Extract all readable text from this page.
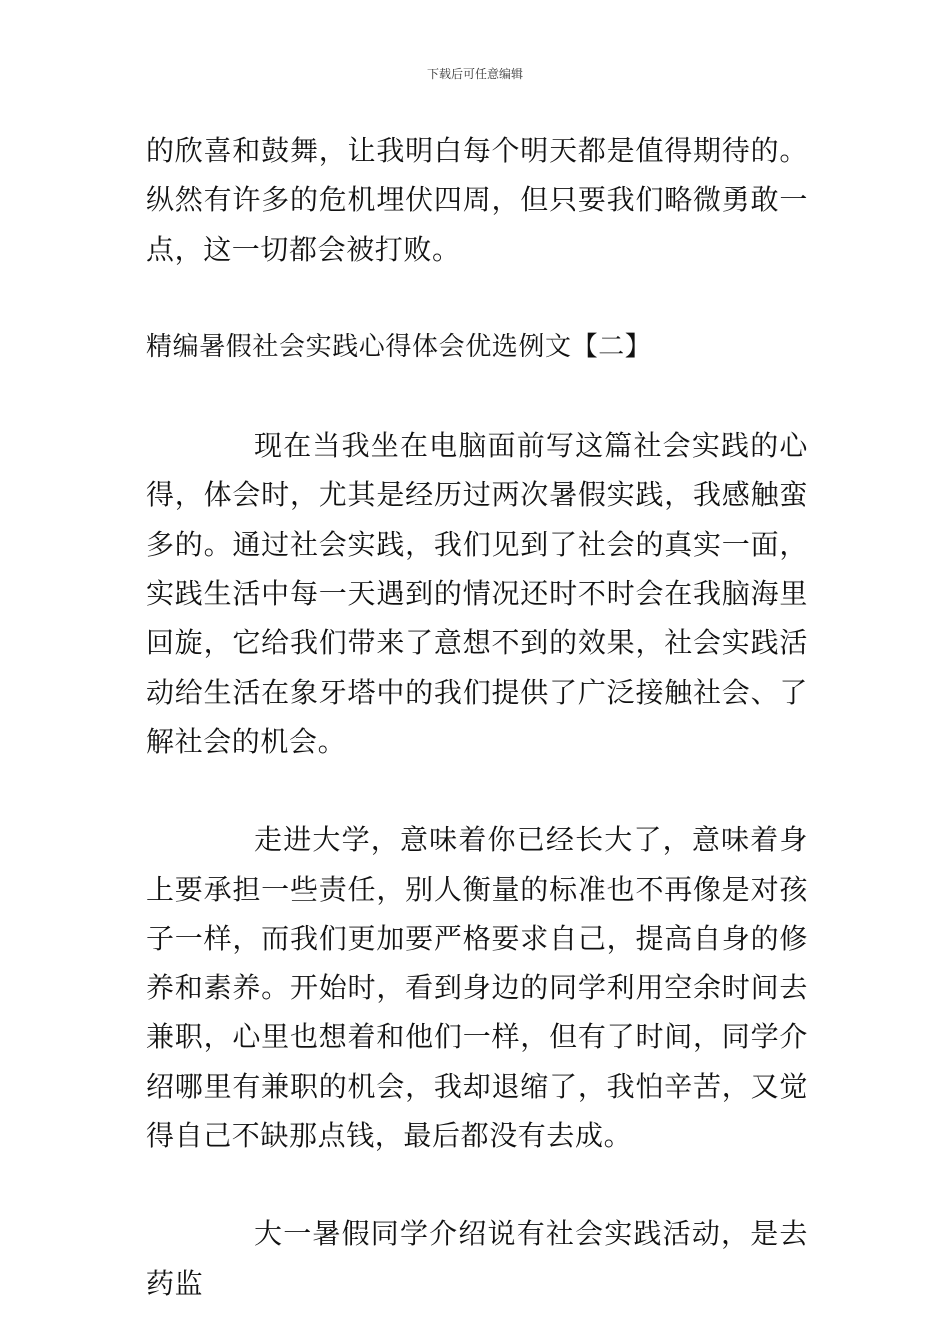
下载后可任意编辑

的欣喜和鼓舞，让我明白每个明天都是值得期待的。纵然有许多的危机埋伏四周，但只要我们略微勇敢一点，这一切都会被打败。

精编暑假社会实践心得体会优选例文【二】

现在当我坐在电脑面前写这篇社会实践的心得，体会时，尤其是经历过两次暑假实践，我感触蛮多的。通过社会实践，我们见到了社会的真实一面，实践生活中每一天遇到的情况还时不时会在我脑海里回旋，它给我们带来了意想不到的效果，社会实践活动给生活在象牙塔中的我们提供了广泛接触社会、了解社会的机会。

走进大学，意味着你已经长大了，意味着身上要承担一些责任，别人衡量的标准也不再像是对孩子一样，而我们更加要严格要求自己，提高自身的修养和素养。开始时，看到身边的同学利用空余时间去兼职，心里也想着和他们一样，但有了时间，同学介绍哪里有兼职的机会，我却退缩了，我怕辛苦，又觉得自己不缺那点钱，最后都没有去成。

大一暑假同学介绍说有社会实践活动，是去药监
